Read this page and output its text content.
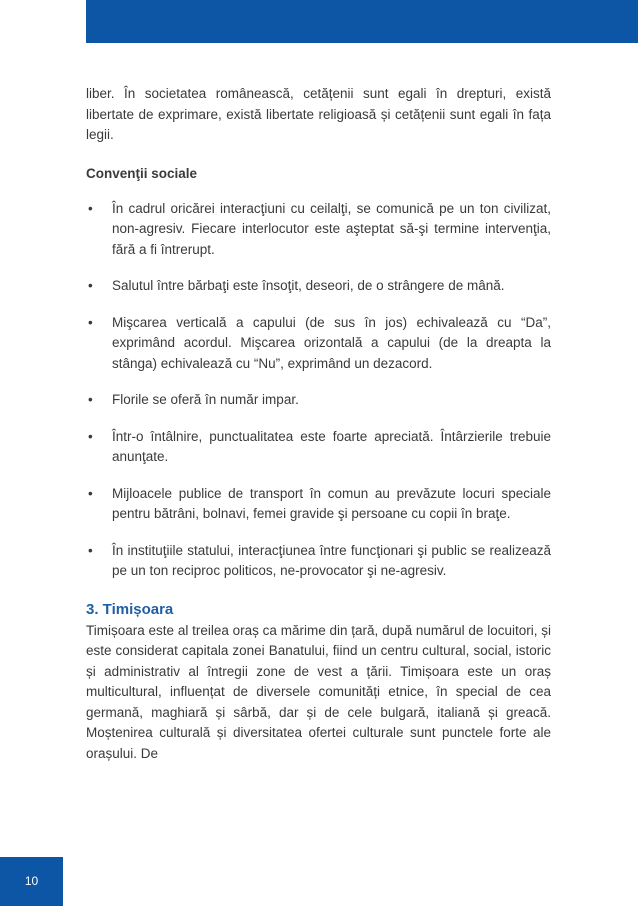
liber. În societatea românească, cetățenii sunt egali în drepturi, există libertate de exprimare, există libertate religioasă și cetățenii sunt egali în fața legii.

Convenţii sociale
• În cadrul oricărei interacţiuni cu ceilalţi, se comunică pe un ton civilizat, non-agresiv. Fiecare interlocutor este aşteptat să-şi termine intervenţia, fără a fi întrerupt.
• Salutul între bărbaţi este însoţit, deseori, de o strângere de mână.
• Mişcarea verticală a capului (de sus în jos) echivalează cu “Da”, exprimând acordul. Mişcarea orizontală a capului (de la dreapta la stânga) echivalează cu “Nu”, exprimând un dezacord.
• Florile se oferă în număr impar.
• Într-o întâlnire, punctualitatea este foarte apreciată. Întârzierile trebuie anunţate.
• Mijloacele publice de transport în comun au prevăzute locuri speciale pentru bătrâni, bolnavi, femei gravide şi persoane cu copii în braţe.
• În instituţiile statului, interacţiunea între funcţionari şi public se realizează pe un ton reciproc politicos, ne-provocator şi ne-agresiv.
3. Timișoara

Timișoara este al treilea oraș ca mărime din țară, după numărul de locuitori, și este considerat capitala zonei Banatului, fiind un centru cultural, social, istoric și administrativ al întregii zone de vest a țării. Timișoara este un oraș multicultural, influențat de diversele comunități etnice, în special de cea germană, maghiară și sârbă, dar și de cele bulgară, italiană și greacă. Moștenirea culturală și diversitatea ofertei culturale sunt punctele forte ale orașului. De

10
